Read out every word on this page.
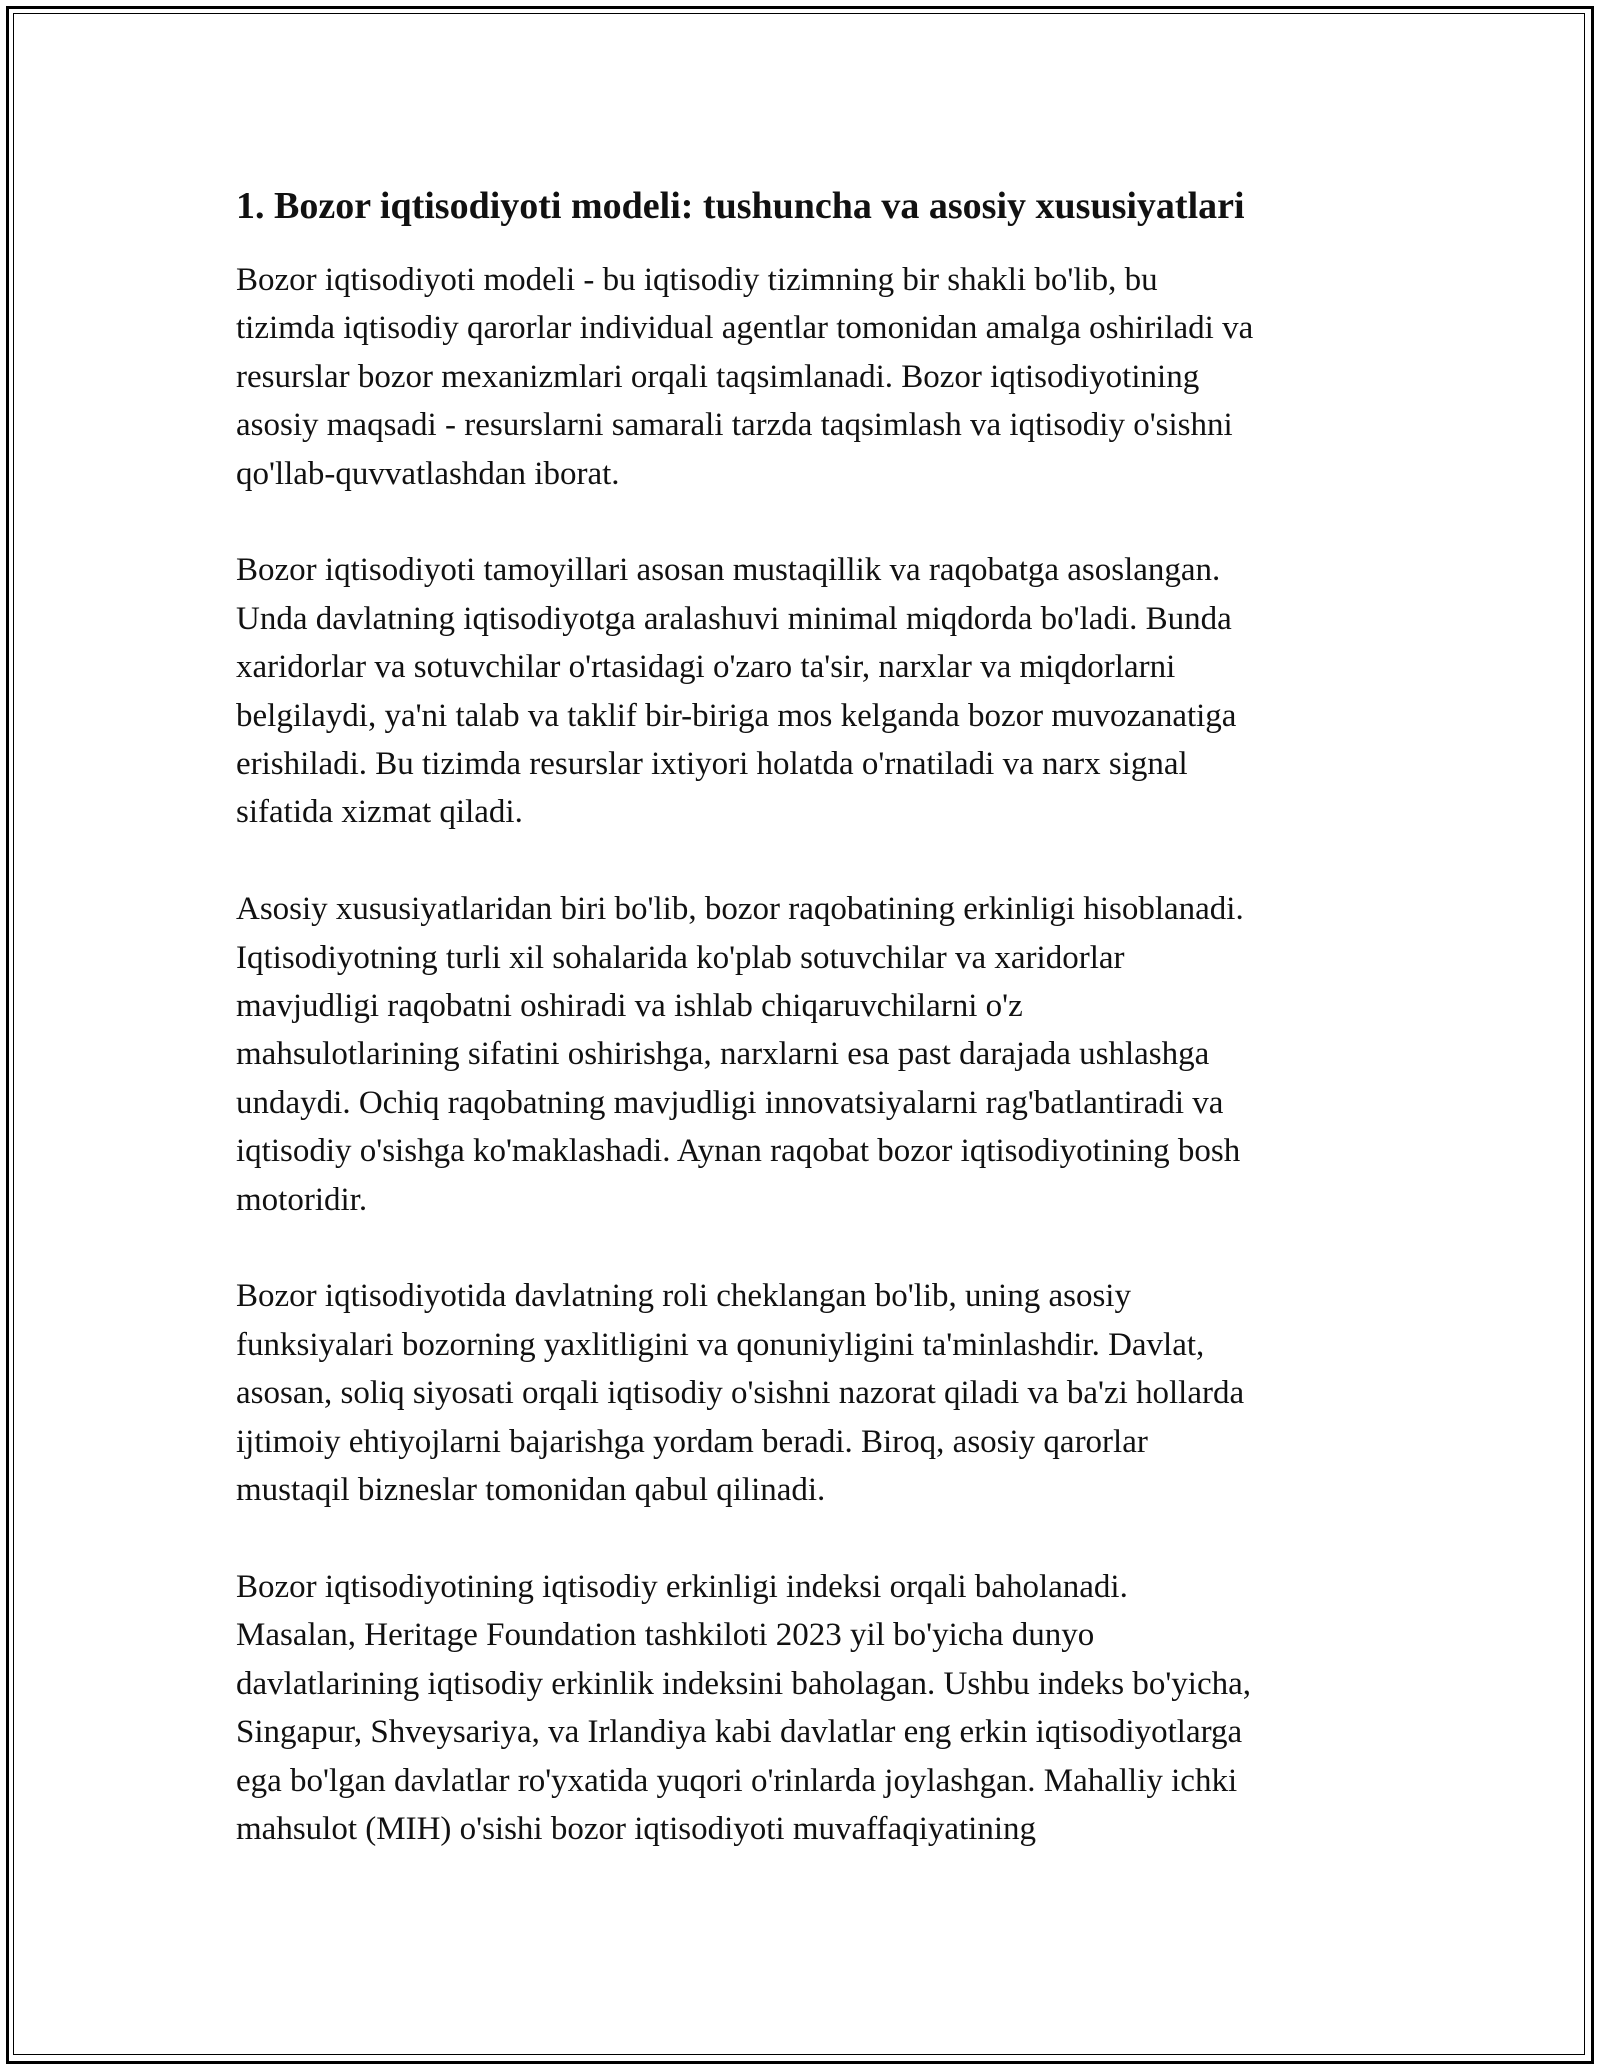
1. Bozor iqtisodiyoti modeli: tushuncha va asosiy xususiyatlari

Bozor iqtisodiyoti modeli - bu iqtisodiy tizimning bir shakli bo'lib, bu
tizimda iqtisodiy qarorlar individual agentlar tomonidan amalga oshiriladi va
resurslar bozor mexanizmlari orqali taqsimlanadi. Bozor iqtisodiyotining
asosiy maqsadi - resurslarni samarali tarzda taqsimlash va iqtisodiy o'sishni
qo'llab-quvvatlashdan iborat.

Bozor iqtisodiyoti tamoyillari asosan mustaqillik va raqobatga asoslangan.
Unda davlatning iqtisodiyotga aralashuvi minimal miqdorda bo'ladi. Bunda
xaridorlar va sotuvchilar o'rtasidagi o'zaro ta'sir, narxlar va miqdorlarni
belgilaydi, ya'ni talab va taklif bir-biriga mos kelganda bozor muvozanatiga
erishiladi. Bu tizimda resurslar ixtiyori holatda o'rnatiladi va narx signal
sifatida xizmat qiladi.

Asosiy xususiyatlaridan biri bo'lib, bozor raqobatining erkinligi hisoblanadi.
Iqtisodiyotning turli xil sohalarida ko'plab sotuvchilar va xaridorlar
mavjudligi raqobatni oshiradi va ishlab chiqaruvchilarni o'z
mahsulotlarining sifatini oshirishga, narxlarni esa past darajada ushlashga
undaydi. Ochiq raqobatning mavjudligi innovatsiyalarni rag'batlantiradi va
iqtisodiy o'sishga ko'maklashadi. Aynan raqobat bozor iqtisodiyotining bosh
motoridir.

Bozor iqtisodiyotida davlatning roli cheklangan bo'lib, uning asosiy
funksiyalari bozorning yaxlitligini va qonuniyligini ta'minlashdir. Davlat,
asosan, soliq siyosati orqali iqtisodiy o'sishni nazorat qiladi va ba'zi hollarda
ijtimoiy ehtiyojlarni bajarishga yordam beradi. Biroq, asosiy qarorlar
mustaqil bizneslar tomonidan qabul qilinadi.

Bozor iqtisodiyotining iqtisodiy erkinligi indeksi orqali baholanadi.
Masalan, Heritage Foundation tashkiloti 2023 yil bo'yicha dunyo
davlatlarining iqtisodiy erkinlik indeksini baholagan. Ushbu indeks bo'yicha,
Singapur, Shveysariya, va Irlandiya kabi davlatlar eng erkin iqtisodiyotlarga
ega bo'lgan davlatlar ro'yxatida yuqori o'rinlarda joylashgan. Mahalliy ichki
mahsulot (MIH) o'sishi bozor iqtisodiyoti muvaffaqiyatining
